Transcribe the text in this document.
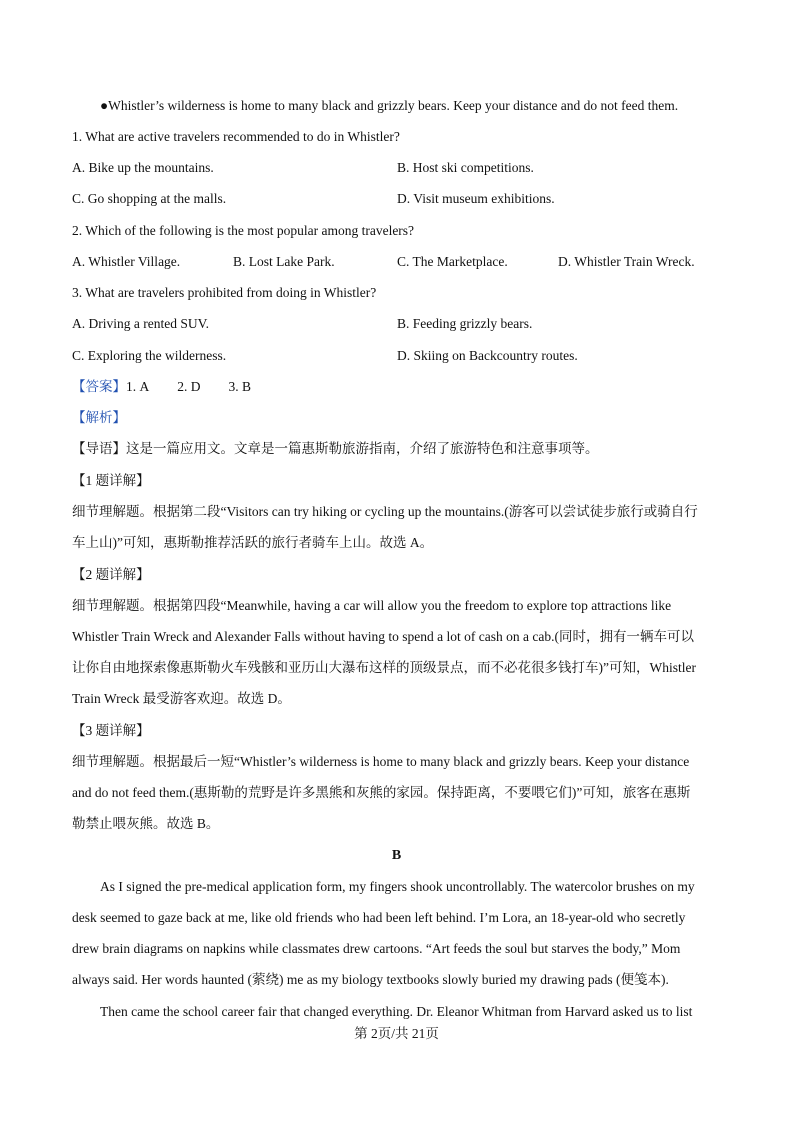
●Whistler’s wilderness is home to many black and grizzly bears. Keep your distance and do not feed them.
1. What are active travelers recommended to do in Whistler?
A. Bike up the mountains.	B. Host ski competitions.
C. Go shopping at the malls.	D. Visit museum exhibitions.
2. Which of the following is the most popular among travelers?
A. Whistler Village.	B. Lost Lake Park.	C. The Marketplace.	D. Whistler Train Wreck.
3. What are travelers prohibited from doing in Whistler?
A. Driving a rented SUV.	B. Feeding grizzly bears.
C. Exploring the wilderness.	D. Skiing on Backcountry routes.
【答案】1. A 2. D 3. B
【解析】
【导语】这是一篇应用文。文章是一篇惠斯勒旅游指南，介绍了旅游特色和注意事项等。
【1 题详解】
细节理解题。根据第二段“Visitors can try hiking or cycling up the mountains.(游客可以尝试徒步旅行或骑自行
车上山)”可知，惠斯勒推荐活跃的旅行者骑车上山。故选 A。
【2 题详解】
细节理解题。根据第四段“Meanwhile, having a car will allow you the freedom to explore top attractions like
Whistler Train Wreck and Alexander Falls without having to spend a lot of cash on a cab.(同时，拥有一辆车可以
让你自由地探索像惠斯勒火车残骸和亚历山大瀑布这样的顶级景点，而不必花很多钱打车)”可知，Whistler
Train Wreck 最受游客欢迎。故选 D。
【3 题详解】
细节理解题。根据最后一短“Whistler’s wilderness is home to many black and grizzly bears. Keep your distance
and do not feed them.(惠斯勒的荒野是许多黑熊和灰熊的家园。保持距离，不要喂它们)”可知，旅客在惠斯
勒禁止喂灰熊。故选 B。
B
As I signed the pre-medical application form, my fingers shook uncontrollably. The watercolor brushes on my
desk seemed to gaze back at me, like old friends who had been left behind. I’m Lora, an 18-year-old who secretly
drew brain diagrams on napkins while classmates drew cartoons. “Art feeds the soul but starves the body,” Mom
always said. Her words haunted (萦绕) me as my biology textbooks slowly buried my drawing pads (便笺本).
Then came the school career fair that changed everything. Dr. Eleanor Whitman from Harvard asked us to list
第 2页/共 21页
